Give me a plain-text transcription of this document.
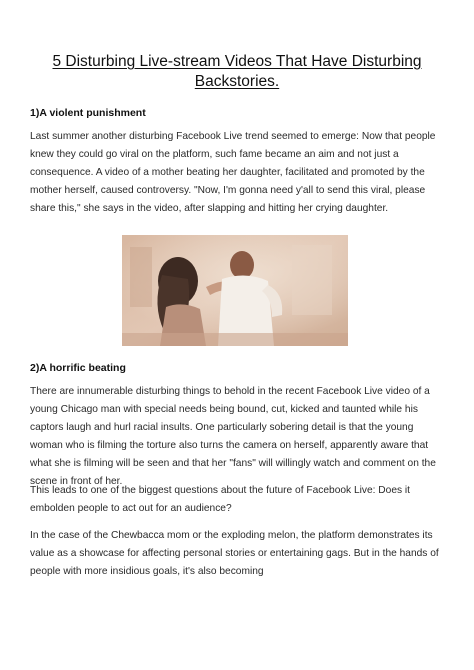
5 Disturbing Live-stream Videos That Have Disturbing Backstories.
1)A violent punishment
Last summer another disturbing Facebook Live trend seemed to emerge: Now that people knew they could go viral on the platform, such fame became an aim and not just a consequence. A video of a mother beating her daughter, facilitated and promoted by the mother herself, caused controversy. "Now, I'm gonna need y'all to send this viral, please share this," she says in the video, after slapping and hitting her crying daughter.
2)A horrific beating
There are innumerable disturbing things to behold in the recent Facebook Live video of a young Chicago man with special needs being bound, cut, kicked and taunted while his captors laugh and hurl racial insults. One particularly sobering detail is that the young woman who is filming the torture also turns the camera on herself, apparently aware that what she is filming will be seen and that her "fans" will willingly watch and comment on the scene in front of her.
This leads to one of the biggest questions about the future of Facebook Live: Does it embolden people to act out for an audience?
In the case of the Chewbacca mom or the exploding melon, the platform demonstrates its value as a showcase for affecting personal stories or entertaining gags. But in the hands of people with more insidious goals, it's also becoming
